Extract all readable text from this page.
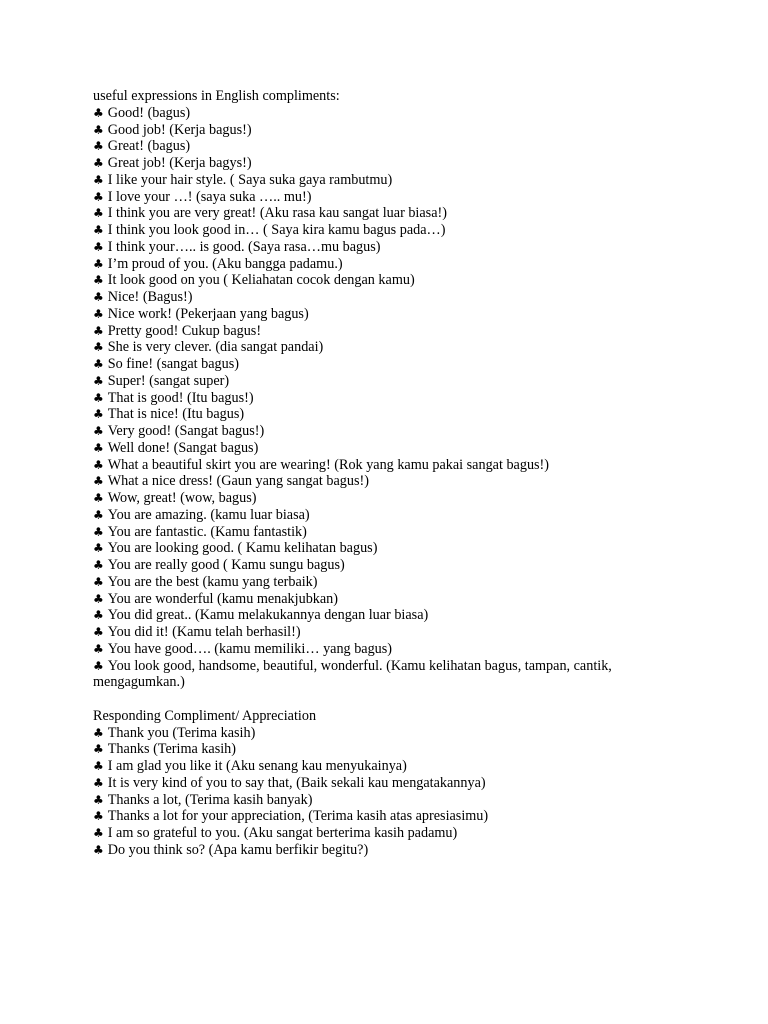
useful expressions in English compliments:

♣ Good! (bagus)

♣ Good job! (Kerja bagus!)

♣ Great! (bagus)

♣ Great job! (Kerja bagys!)

♣ I like your hair style. ( Saya suka gaya rambutmu)

♣ I love your …! (saya suka ….. mu!)

♣ I think you are very great! (Aku rasa kau sangat luar biasa!)

♣ I think you look good in… ( Saya kira kamu bagus pada…)

♣ I think your….. is good. (Saya rasa…mu bagus)

♣ I’m proud of you. (Aku bangga padamu.)

♣ It look good on you ( Keliahatan cocok dengan kamu)

♣ Nice! (Bagus!)

♣ Nice work! (Pekerjaan yang bagus)

♣ Pretty good! Cukup bagus!

♣ She is very clever. (dia sangat pandai)

♣ So fine! (sangat bagus)

♣ Super! (sangat super)

♣ That is good! (Itu bagus!)

♣ That is nice! (Itu bagus)

♣ Very good! (Sangat bagus!)

♣ Well done! (Sangat bagus)

♣ What a beautiful skirt you are wearing! (Rok yang kamu pakai sangat bagus!)

♣ What a nice dress! (Gaun yang sangat bagus!)

♣ Wow, great! (wow, bagus)

♣ You are amazing. (kamu luar biasa)

♣ You are fantastic. (Kamu fantastik)

♣ You are looking good. ( Kamu kelihatan bagus)

♣ You are really good ( Kamu sungu bagus)

♣ You are the best (kamu yang terbaik)

♣ You are wonderful (kamu menakjubkan)

♣ You did great.. (Kamu melakukannya dengan luar biasa)

♣ You did it! (Kamu telah berhasil!)

♣ You have good…. (kamu memiliki… yang bagus)

♣ You look good, handsome, beautiful, wonderful. (Kamu kelihatan bagus, tampan, cantik, mengagumkan.)

Responding Compliment/ Appreciation

♣ Thank you (Terima kasih)

♣ Thanks (Terima kasih)

♣ I am glad you like it (Aku senang kau menyukainya)

♣ It is very kind of you to say that, (Baik sekali kau mengatakannya)

♣ Thanks a lot, (Terima kasih banyak)

♣ Thanks a lot for your appreciation, (Terima kasih atas apresiasimu)

♣ I am so grateful to you. (Aku sangat berterima kasih padamu)

♣ Do you think so? (Apa kamu berfikir begitu?)
